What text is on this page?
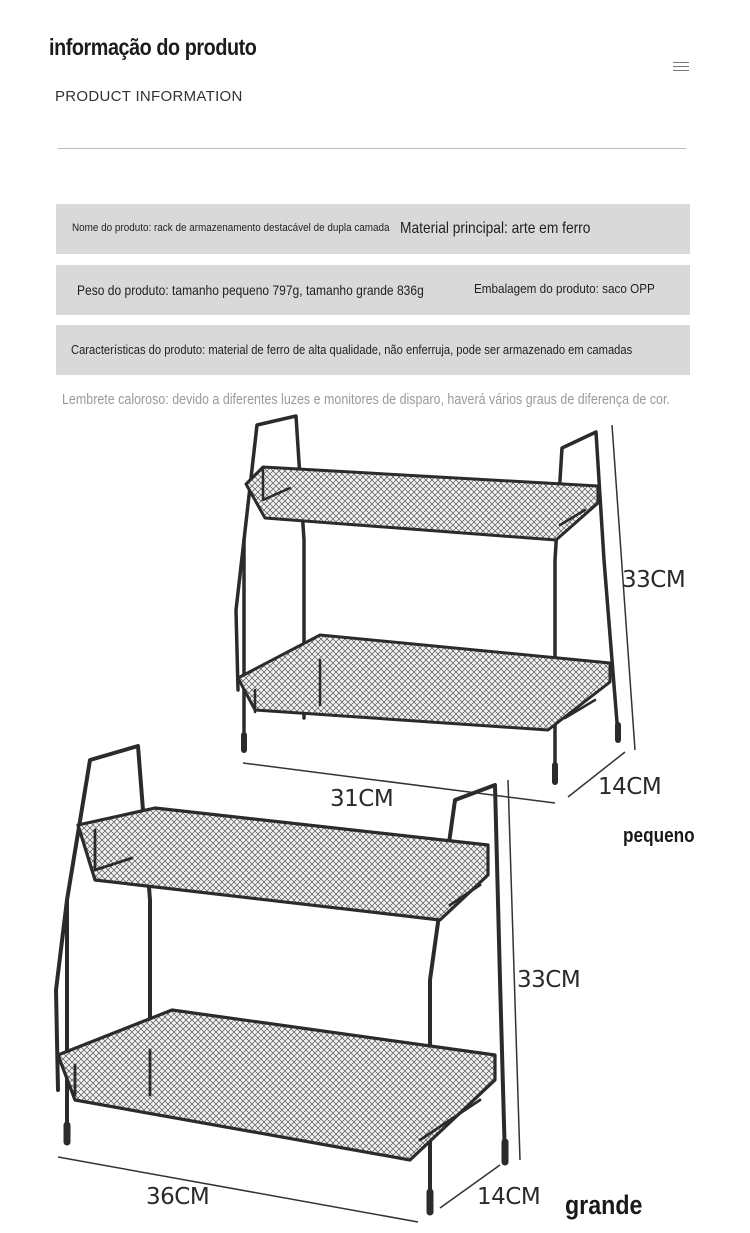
informação do produto
PRODUCT INFORMATION
Nome do produto: rack de armazenamento destacável de dupla camada Material principal: arte em ferro
Peso do produto: tamanho pequeno 797g, tamanho grande 836g	Embalagem do produto: saco OPP
Características do produto: material de ferro de alta qualidade, não enferruja, pode ser armazenado em camadas
Lembrete caloroso: devido a diferentes luzes e monitores de disparo, haverá vários graus de diferença de cor.
33CM
31CM	14CM
pequeno
33CM
36CM	14CM grande
